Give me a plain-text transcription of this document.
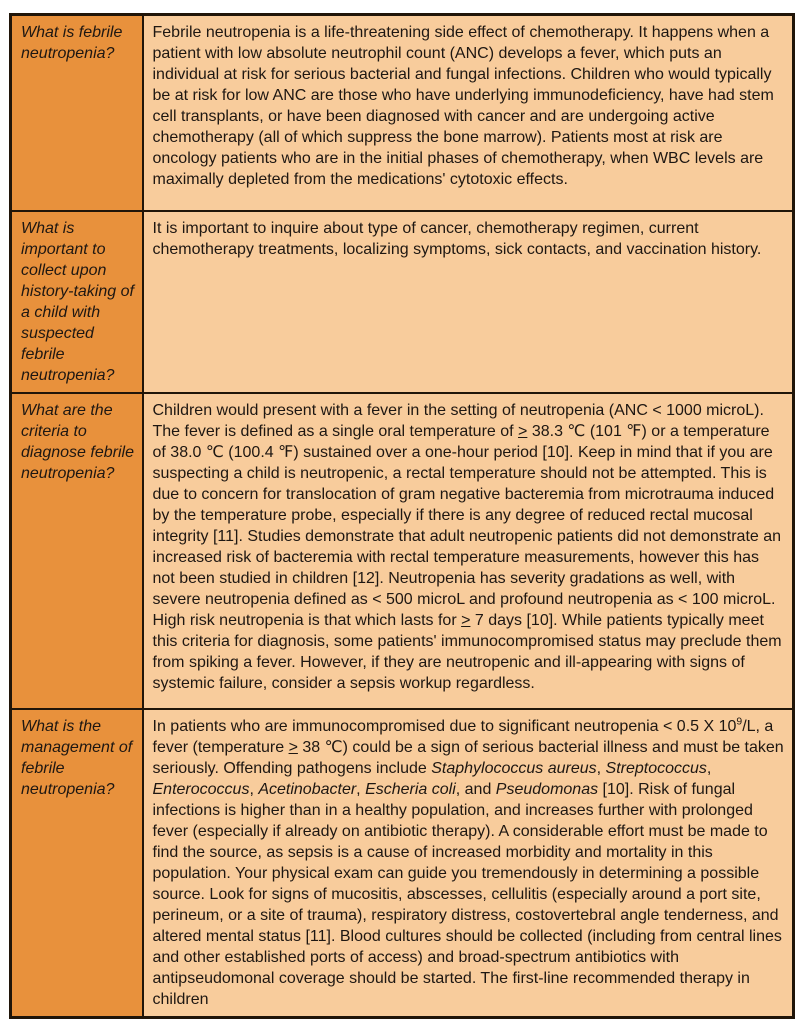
What is febrile neutropenia?	Febrile neutropenia is a life-threatening side effect of chemotherapy. It happens when a patient with low absolute neutrophil count (ANC) develops a fever, which puts an individual at risk for serious bacterial and fungal infections. Children who would typically be at risk for low ANC are those who have underlying immunodeficiency, have had stem cell transplants, or have been diagnosed with cancer and are undergoing active chemotherapy (all of which suppress the bone marrow). Patients most at risk are oncology patients who are in the initial phases of chemotherapy, when WBC levels are maximally depleted from the medications' cytotoxic effects.
What is important to collect upon history-taking of a child with suspected febrile neutropenia?	It is important to inquire about type of cancer, chemotherapy regimen, current chemotherapy treatments, localizing symptoms, sick contacts, and vaccination history.
What are the criteria to diagnose febrile neutropenia?	Children would present with a fever in the setting of neutropenia (ANC < 1000 microL). The fever is defined as a single oral temperature of > 38.3 ℃ (101 ℉) or a temperature of 38.0 ℃ (100.4 ℉) sustained over a one-hour period [10]. Keep in mind that if you are suspecting a child is neutropenic, a rectal temperature should not be attempted. This is due to concern for translocation of gram negative bacteremia from microtrauma induced by the temperature probe, especially if there is any degree of reduced rectal mucosal integrity [11]. Studies demonstrate that adult neutropenic patients did not demonstrate an increased risk of bacteremia with rectal temperature measurements, however this has not been studied in children [12]. Neutropenia has severity gradations as well, with severe neutropenia defined as < 500 microL and profound neutropenia as < 100 microL. High risk neutropenia is that which lasts for > 7 days [10]. While patients typically meet this criteria for diagnosis, some patients' immunocompromised status may preclude them from spiking a fever. However, if they are neutropenic and ill-appearing with signs of systemic failure, consider a sepsis workup regardless.
What is the management of febrile neutropenia?	In patients who are immunocompromised due to significant neutropenia < 0.5 X $10^9/L$, a fever (temperature > 38 ℃) could be a sign of serious bacterial illness and must be taken seriously. Offending pathogens include Staphylococcus aureus, Streptococcus, Enterococcus, Acetinobacter, Escheria coli, and Pseudomonas [10]. Risk of fungal infections is higher than in a healthy population, and increases further with prolonged fever (especially if already on antibiotic therapy). A considerable effort must be made to find the source, as sepsis is a cause of increased morbidity and mortality in this population. Your physical exam can guide you tremendously in determining a possible source. Look for signs of mucositis, abscesses, cellulitis (especially around a port site, perineum, or a site of trauma), respiratory distress, costovertebral angle tenderness, and altered mental status [11]. Blood cultures should be collected (including from central lines and other established ports of access) and broad-spectrum antibiotics with antipseudomonal coverage should be started. The first-line recommended therapy in children
